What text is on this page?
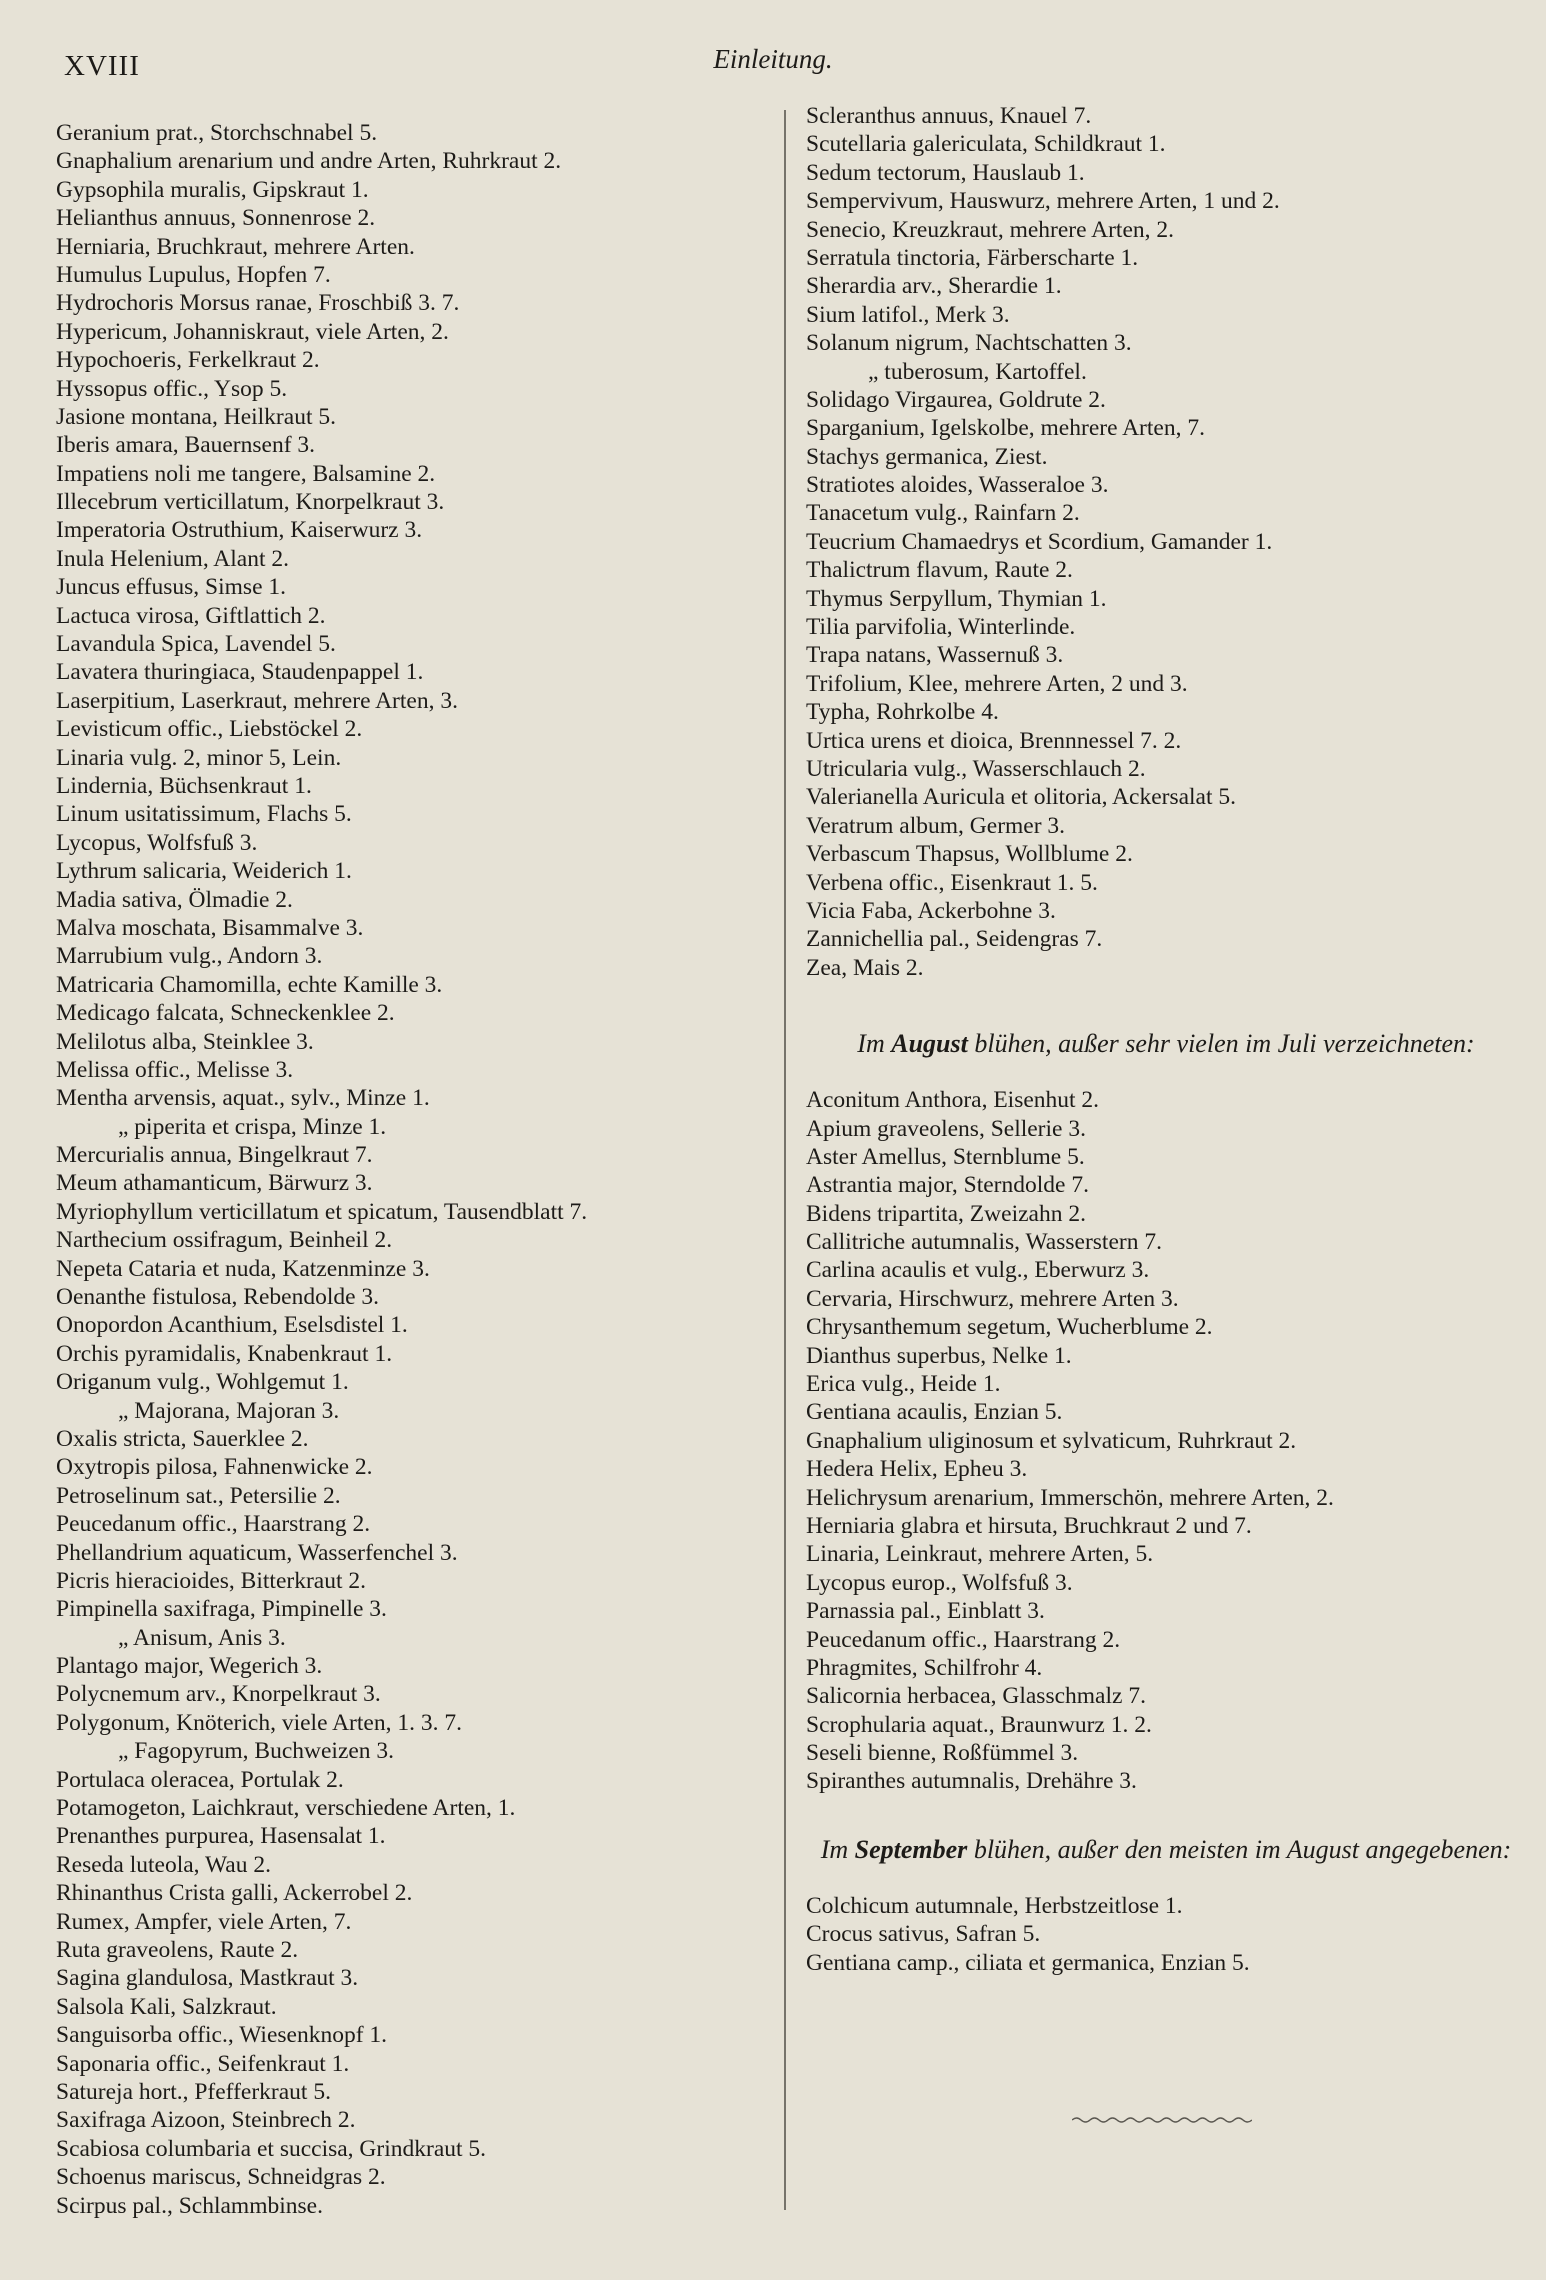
XVIII	Einleitung.
Geranium prat., Storchschnabel 5.
Gnaphalium arenarium und andre Arten, Ruhrkraut 2.
Gypsophila muralis, Gipskraut 1.
Helianthus annuus, Sonnenrose 2.
Herniaria, Bruchkraut, mehrere Arten.
Humulus Lupulus, Hopfen 7.
Hydrochoris Morsus ranae, Froschbiß 3. 7.
Hypericum, Johanniskraut, viele Arten, 2.
Hypochoeris, Ferkelkraut 2.
Hyssopus offic., Ysop 5.
Jasione montana, Heilkraut 5.
Iberis amara, Bauernsenf 3.
Impatiens noli me tangere, Balsamine 2.
Illecebrum verticillatum, Knorpelkraut 3.
Imperatoria Ostruthium, Kaiserwurz 3.
Inula Helenium, Alant 2.
Juncus effusus, Simse 1.
Lactuca virosa, Giftlattich 2.
Lavandula Spica, Lavendel 5.
Lavatera thuringiaca, Staudenpappel 1.
Laserpitium, Laserkraut, mehrere Arten, 3.
Levisticum offic., Liebstöckel 2.
Linaria vulg. 2, minor 5, Lein.
Lindernia, Büchsenkraut 1.
Linum usitatissimum, Flachs 5.
Lycopus, Wolfsfuß 3.
Lythrum salicaria, Weiderich 1.
Madia sativa, Ölmadie 2.
Malva moschata, Bisammalve 3.
Marrubium vulg., Andorn 3.
Matricaria Chamomilla, echte Kamille 3.
Medicago falcata, Schneckenklee 2.
Melilotus alba, Steinklee 3.
Melissa offic., Melisse 3.
Mentha arvensis, aquat., sylv., Minze 1.
„ piperita et crispa, Minze 1.
Mercurialis annua, Bingelkraut 7.
Meum athamanticum, Bärwurz 3.
Myriophyllum verticillatum et spicatum, Tausendblatt 7.
Narthecium ossifragum, Beinheil 2.
Nepeta Cataria et nuda, Katzenminze 3.
Oenanthe fistulosa, Rebendolde 3.
Onopordon Acanthium, Eselsdistel 1.
Orchis pyramidalis, Knabenkraut 1.
Origanum vulg., Wohlgemut 1.
„ Majorana, Majoran 3.
Oxalis stricta, Sauerklee 2.
Oxytropis pilosa, Fahnenwicke 2.
Petroselinum sat., Petersilie 2.
Peucedanum offic., Haarstrang 2.
Phellandrium aquaticum, Wasserfenchel 3.
Picris hieracioides, Bitterkraut 2.
Pimpinella saxifraga, Pimpinelle 3.
„ Anisum, Anis 3.
Plantago major, Wegerich 3.
Polycnemum arv., Knorpelkraut 3.
Polygonum, Knöterich, viele Arten, 1. 3. 7.
„ Fagopyrum, Buchweizen 3.
Portulaca oleracea, Portulak 2.
Potamogeton, Laichkraut, verschiedene Arten, 1.
Prenanthes purpurea, Hasensalat 1.
Reseda luteola, Wau 2.
Rhinanthus Crista galli, Ackerrobel 2.
Rumex, Ampfer, viele Arten, 7.
Ruta graveolens, Raute 2.
Sagina glandulosa, Mastkraut 3.
Salsola Kali, Salzkraut.
Sanguisorba offic., Wiesenknopf 1.
Saponaria offic., Seifenkraut 1.
Satureja hort., Pfefferkraut 5.
Saxifraga Aizoon, Steinbrech 2.
Scabiosa columbaria et succisa, Grindkraut 5.
Schoenus mariscus, Schneidgras 2.
Scirpus pal., Schlammbinse.
Scleranthus annuus, Knauel 7.
Scutellaria galericulata, Schildkraut 1.
Sedum tectorum, Hauslaub 1.
Sempervivum, Hauswurz, mehrere Arten, 1 und 2.
Senecio, Kreuzkraut, mehrere Arten, 2.
Serratula tinctoria, Färberscharte 1.
Sherardia arv., Sherardie 1.
Sium latifol., Merk 3.
Solanum nigrum, Nachtschatten 3.
„ tuberosum, Kartoffel.
Solidago Virgaurea, Goldrute 2.
Sparganium, Igelskolbe, mehrere Arten, 7.
Stachys germanica, Ziest.
Stratiotes aloides, Wasseraloe 3.
Tanacetum vulg., Rainfarn 2.
Teucrium Chamaedrys et Scordium, Gamander 1.
Thalictrum flavum, Raute 2.
Thymus Serpyllum, Thymian 1.
Tilia parvifolia, Winterlinde.
Trapa natans, Wassernuß 3.
Trifolium, Klee, mehrere Arten, 2 und 3.
Typha, Rohrkolbe 4.
Urtica urens et dioica, Brennnessel 7. 2.
Utricularia vulg., Wasserschlauch 2.
Valerianella Auricula et olitoria, Ackersalat 5.
Veratrum album, Germer 3.
Verbascum Thapsus, Wollblume 2.
Verbena offic., Eisenkraut 1. 5.
Vicia Faba, Ackerbohne 3.
Zannichellia pal., Seidengras 7.
Zea, Mais 2.
Im August blühen, außer sehr vielen im Juli verzeichneten:
Aconitum Anthora, Eisenhut 2.
Apium graveolens, Sellerie 3.
Aster Amellus, Sternblume 5.
Astrantia major, Sterndolde 7.
Bidens tripartita, Zweizahn 2.
Callitriche autumnalis, Wasserstern 7.
Carlina acaulis et vulg., Eberwurz 3.
Cervaria, Hirschwurz, mehrere Arten 3.
Chrysanthemum segetum, Wucherblume 2.
Dianthus superbus, Nelke 1.
Erica vulg., Heide 1.
Gentiana acaulis, Enzian 5.
Gnaphalium uliginosum et sylvaticum, Ruhrkraut 2.
Hedera Helix, Epheu 3.
Helichrysum arenarium, Immerschön, mehrere Arten, 2.
Herniaria glabra et hirsuta, Bruchkraut 2 und 7.
Linaria, Leinkraut, mehrere Arten, 5.
Lycopus europ., Wolfsfuß 3.
Parnassia pal., Einblatt 3.
Peucedanum offic., Haarstrang 2.
Phragmites, Schilfrohr 4.
Salicornia herbacea, Glasschmalz 7.
Scrophularia aquat., Braunwurz 1. 2.
Seseli bienne, Roßfümmel 3.
Spiranthes autumnalis, Drehähre 3.
Im September blühen, außer den meisten im August angegebenen:
Colchicum autumnale, Herbstzeitlose 1.
Crocus sativus, Safran 5.
Gentiana camp., ciliata et germanica, Enzian 5.
